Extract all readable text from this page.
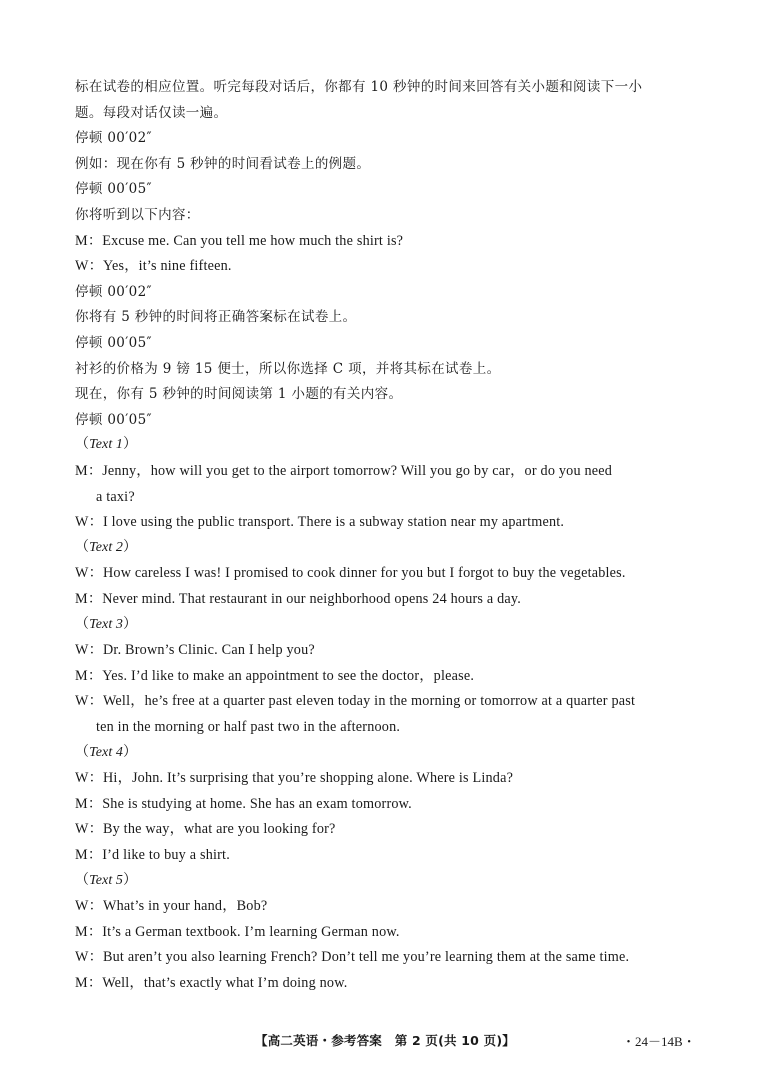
标在试卷的相应位置。听完每段对话后，你都有 10 秒钟的时间来回答有关小题和阅读下一小
题。每段对话仅读一遍。
停顿 00′02″
例如：现在你有 5 秒钟的时间看试卷上的例题。
停顿 00′05″
你将听到以下内容：
M：Excuse me. Can you tell me how much the shirt is?
W：Yes，it’s nine fifteen.
停顿 00′02″
你将有 5 秒钟的时间将正确答案标在试卷上。
停顿 00′05″
衬衫的价格为 9 镑 15 便士，所以你选择 C 项，并将其标在试卷上。
现在，你有 5 秒钟的时间阅读第 1 小题的有关内容。
停顿 00′05″
（Text 1）
M：Jenny，how will you get to the airport tomorrow? Will you go by car，or do you need
a taxi?
W：I love using the public transport. There is a subway station near my apartment.
（Text 2）
W：How careless I was! I promised to cook dinner for you but I forgot to buy the vegetables.
M：Never mind. That restaurant in our neighborhood opens 24 hours a day.
（Text 3）
W：Dr. Brown’s Clinic. Can I help you?
M：Yes. I’d like to make an appointment to see the doctor，please.
W：Well，he’s free at a quarter past eleven today in the morning or tomorrow at a quarter past
ten in the morning or half past two in the afternoon.
（Text 4）
W：Hi，John. It’s surprising that you’re shopping alone. Where is Linda?
M：She is studying at home. She has an exam tomorrow.
W：By the way，what are you looking for?
M：I’d like to buy a shirt.
（Text 5）
W：What’s in your hand，Bob?
M：It’s a German textbook. I’m learning German now.
W：But aren’t you also learning French? Don’t tell me you’re learning them at the same time.
M：Well，that’s exactly what I’m doing now.
【高二英语・参考答案　第 2 页(共 10 页)】	・24－14B・
